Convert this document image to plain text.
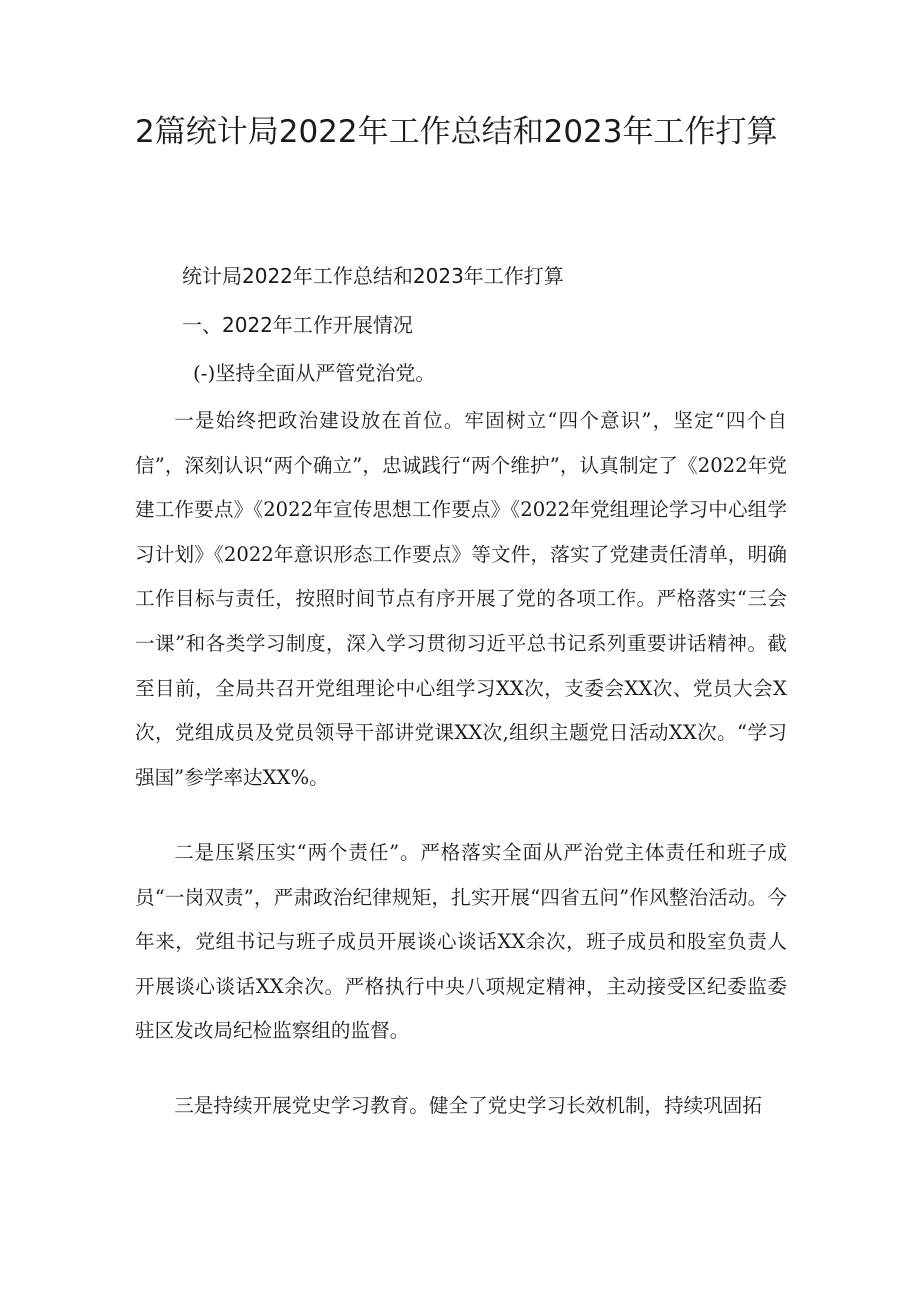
2篇统计局2022年工作总结和2023年工作打算
统计局2022年工作总结和2023年工作打算
一、2022年工作开展情况
(-)坚持全面从严管党治党。

一是始终把政治建设放在首位。牢固树立“四个意识”，坚定“四个自信”，深刻认识“两个确立”，忠诚践行“两个维护”，认真制定了《2022年党建工作要点》《2022年宣传思想工作要点》《2022年党组理论学习中心组学习计划》《2022年意识形态工作要点》等文件，落实了党建责任清单，明确工作目标与责任，按照时间节点有序开展了党的各项工作。严格落实“三会一课”和各类学习制度，深入学习贯彻习近平总书记系列重要讲话精神。截至目前，全局共召开党组理论中心组学习XX次，支委会XX次、党员大会X次，党组成员及党员领导干部讲党课XX次,组织主题党日活动XX次。“学习强国”参学率达XX%。

二是压紧压实“两个责任”。严格落实全面从严治党主体责任和班子成员“一岗双责”，严肃政治纪律规矩，扎实开展“四省五问”作风整治活动。今年来，党组书记与班子成员开展谈心谈话XX余次，班子成员和股室负责人开展谈心谈话XX余次。严格执行中央八项规定精神，主动接受区纪委监委驻区发改局纪检监察组的监督。

三是持续开展党史学习教育。健全了党史学习长效机制，持续巩固拓
